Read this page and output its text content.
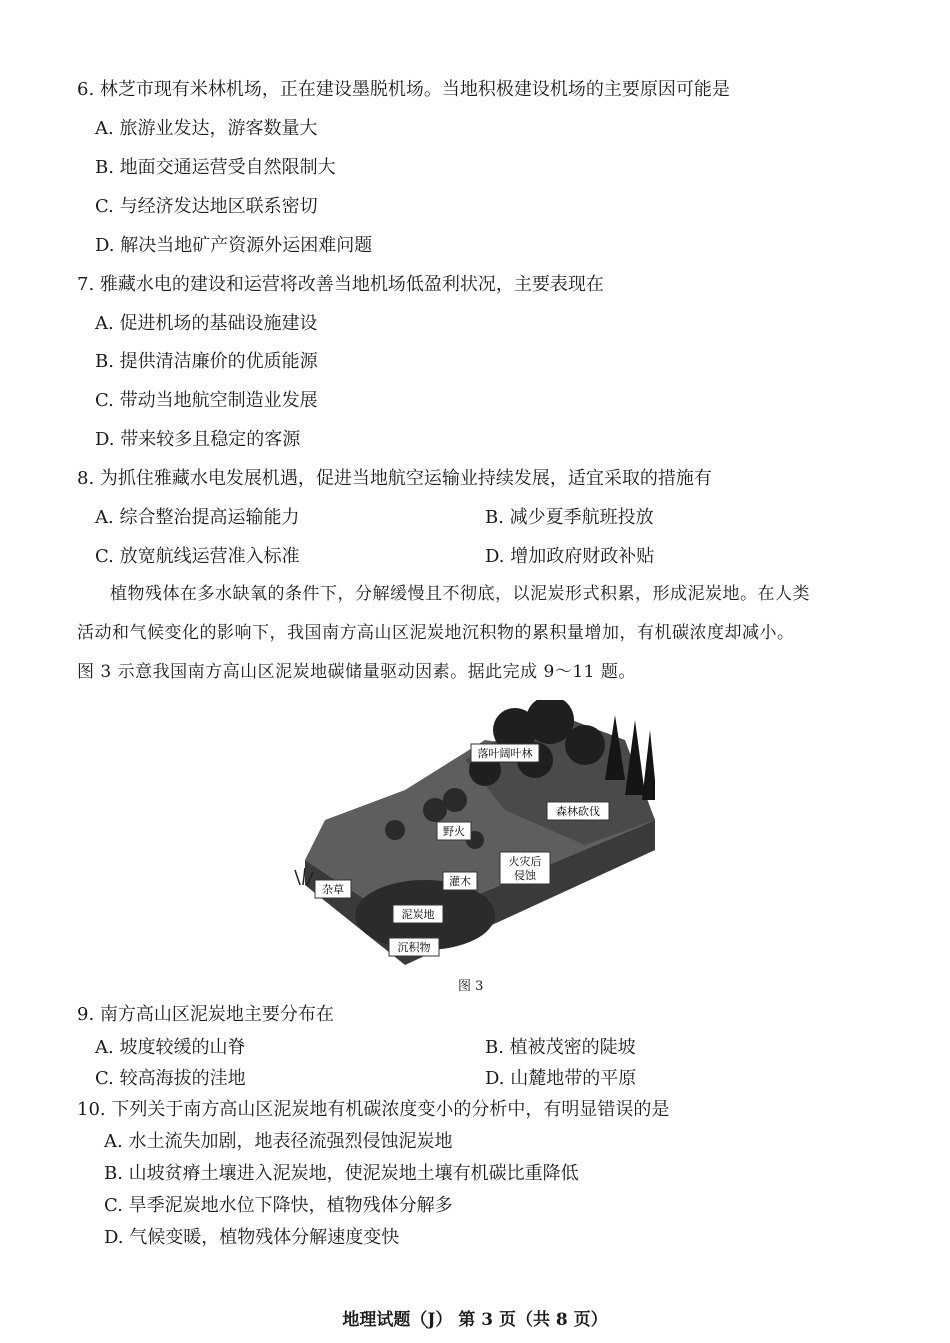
6. 林芝市现有米林机场，正在建设墨脱机场。当地积极建设机场的主要原因可能是
A. 旅游业发达，游客数量大
B. 地面交通运营受自然限制大
C. 与经济发达地区联系密切
D. 解决当地矿产资源外运困难问题
7. 雅藏水电的建设和运营将改善当地机场低盈利状况，主要表现在
A. 促进机场的基础设施建设
B. 提供清洁廉价的优质能源
C. 带动当地航空制造业发展
D. 带来较多且稳定的客源
8. 为抓住雅藏水电发展机遇，促进当地航空运输业持续发展，适宜采取的措施有
A. 综合整治提高运输能力	B. 减少夏季航班投放
C. 放宽航线运营准入标准	D. 增加政府财政补贴
植物残体在多水缺氧的条件下，分解缓慢且不彻底，以泥炭形式积累，形成泥炭地。在人类
活动和气候变化的影响下，我国南方高山区泥炭地沉积物的累积量增加，有机碳浓度却减小。
图 3 示意我国南方高山区泥炭地碳储量驱动因素。据此完成 9～11 题。
落叶阔叶林
森林砍伐
野火
火灾后
侵蚀
灌木
杂草
泥炭地
沉积物
图 3
9. 南方高山区泥炭地主要分布在
A. 坡度较缓的山脊	B. 植被茂密的陡坡
C. 较高海拔的洼地	D. 山麓地带的平原
10. 下列关于南方高山区泥炭地有机碳浓度变小的分析中，有明显错误的是
A. 水土流失加剧，地表径流强烈侵蚀泥炭地
B. 山坡贫瘠土壤进入泥炭地，使泥炭地土壤有机碳比重降低
C. 旱季泥炭地水位下降快，植物残体分解多
D. 气候变暖，植物残体分解速度变快
地理试题（J） 第 3 页（共 8 页）
